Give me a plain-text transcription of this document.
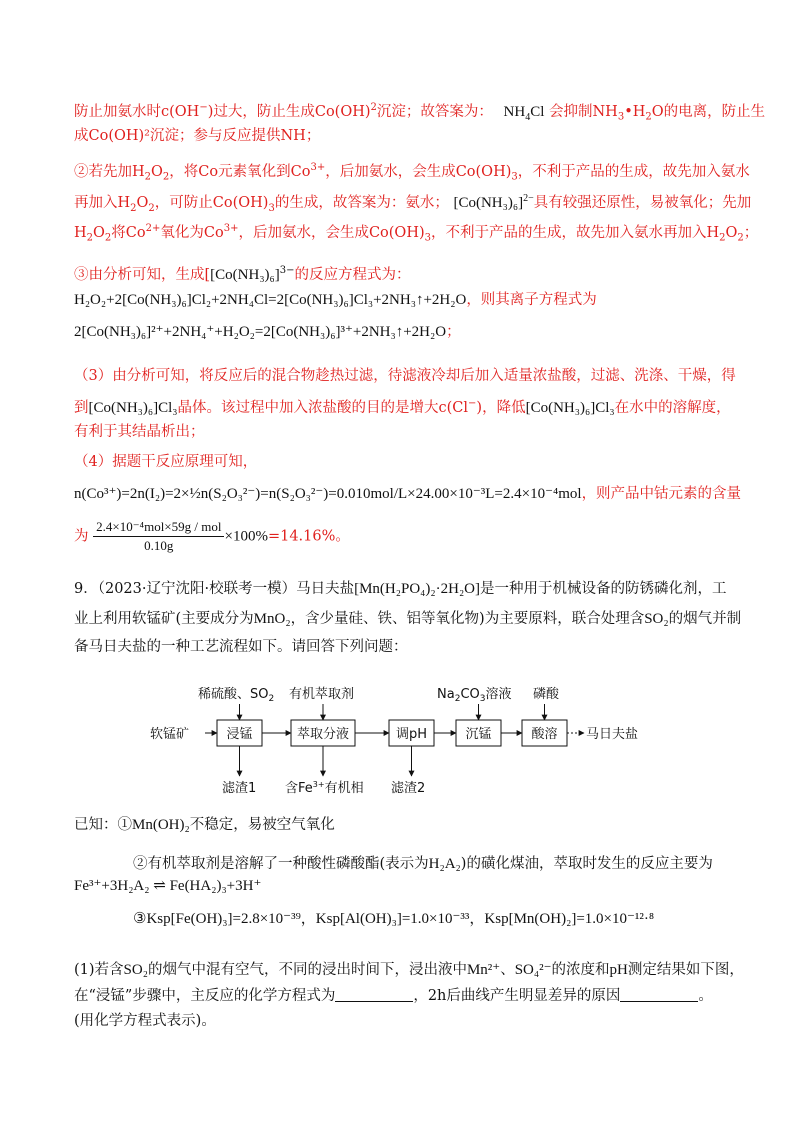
防止加氨水时c(OH−)过大，防止生成Co(OH)$^2$沉淀；故答案为： $NH_4Cl$ 会抑制$NH_3•H_2O$的电离，防止生
成Co(OH)²沉淀；参与反应提供NH；
②若先加$H_2O_2$，将Co元素氧化到$Co^{3+}$，后加氨水，会生成$Co(OH)_3$，不利于产品的生成，故先加入氨水
再加入$H_2O_2$，可防止$Co(OH)_3$的生成，故答案为：氨水； $[Co(NH_3)_6]^{2-}$具有较强还原性，易被氧化；先加
$H_2O_2$将$Co^{2+}$氧化为$Co^{3+}$，后加氨水，会生成$Co(OH)_3$，不利于产品的生成，故先加入氨水再加入$H_2O_2$；
③由分析可知，生成[$[Co(NH_3)_6]^{3-}$的反应方程式为：
H₂O₂+2[Co(NH₃)₆]Cl₂+2NH₄Cl=2[Co(NH₃)₆]Cl₃+2NH₃↑+2H₂O，则其离子方程式为
2[Co(NH₃)₆]²⁺+2NH₄⁺+H₂O₂=2[Co(NH₃)₆]³⁺+2NH₃↑+2H₂O；
（3）由分析可知，将反应后的混合物趁热过滤，待滤液冷却后加入适量浓盐酸，过滤、洗涤、干燥，得
到[Co(NH₃)₆]Cl₃晶体。该过程中加入浓盐酸的目的是增大c(Cl−)，降低[Co(NH₃)₆]Cl₃在水中的溶解度，
有利于其结晶析出；
（4）据题干反应原理可知，
n(Co³⁺)=2n(I₂)=2×½n(S₂O₃²⁻)=n(S₂O₃²⁻)=0.010mol/L×24.00×10⁻³L=2.4×10⁻⁴mol，则产品中钴元素的含量
为 $\frac{\text{2.4×10⁻⁴mol×59g / mol}}{0.10g} \times 100\%=14.16\%$。
9．（2023·辽宁沈阳·校联考一模）马日夫盐[Mn(H₂PO₄)₂·2H₂O]是一种用于机械设备的防锈磷化剂，工
业上利用软锰矿(主要成分为MnO₂，含少量硅、铁、铝等氧化物)为主要原料，联合处理含SO₂的烟气并制
备马日夫盐的一种工艺流程如下。请回答下列问题：
稀硫酸、$SO_2$ 有机萃取剂	$Na_2CO_3$溶液 磷酸
软锰矿	浸锰	萃取分液	调pH	沉锰	酸溶 马日夫盐
滤渣1 含$Fe^{3+}$有机相 滤渣2
已知：①Mn(OH)₂不稳定，易被空气氧化
②有机萃取剂是溶解了一种酸性磷酸酯(表示为H₂A₂)的磺化煤油，萃取时发生的反应主要为
Fe³⁺+3H₂A₂ ⇌ Fe(HA₂)₃+3H⁺
③Ksp[Fe(OH)₃]=2.8×10⁻³⁹，Ksp[Al(OH)₃]=1.0×10⁻³³，Ksp[Mn(OH)₂]=1.0×10⁻¹²·⁸
(1)若含SO₂的烟气中混有空气，不同的浸出时间下，浸出液中Mn²⁺、SO₄²⁻的浓度和pH测定结果如下图，
在“浸锰”步骤中，主反应的化学方程式为	，2h后曲线产生明显差异的原因	。
(用化学方程式表示)。
